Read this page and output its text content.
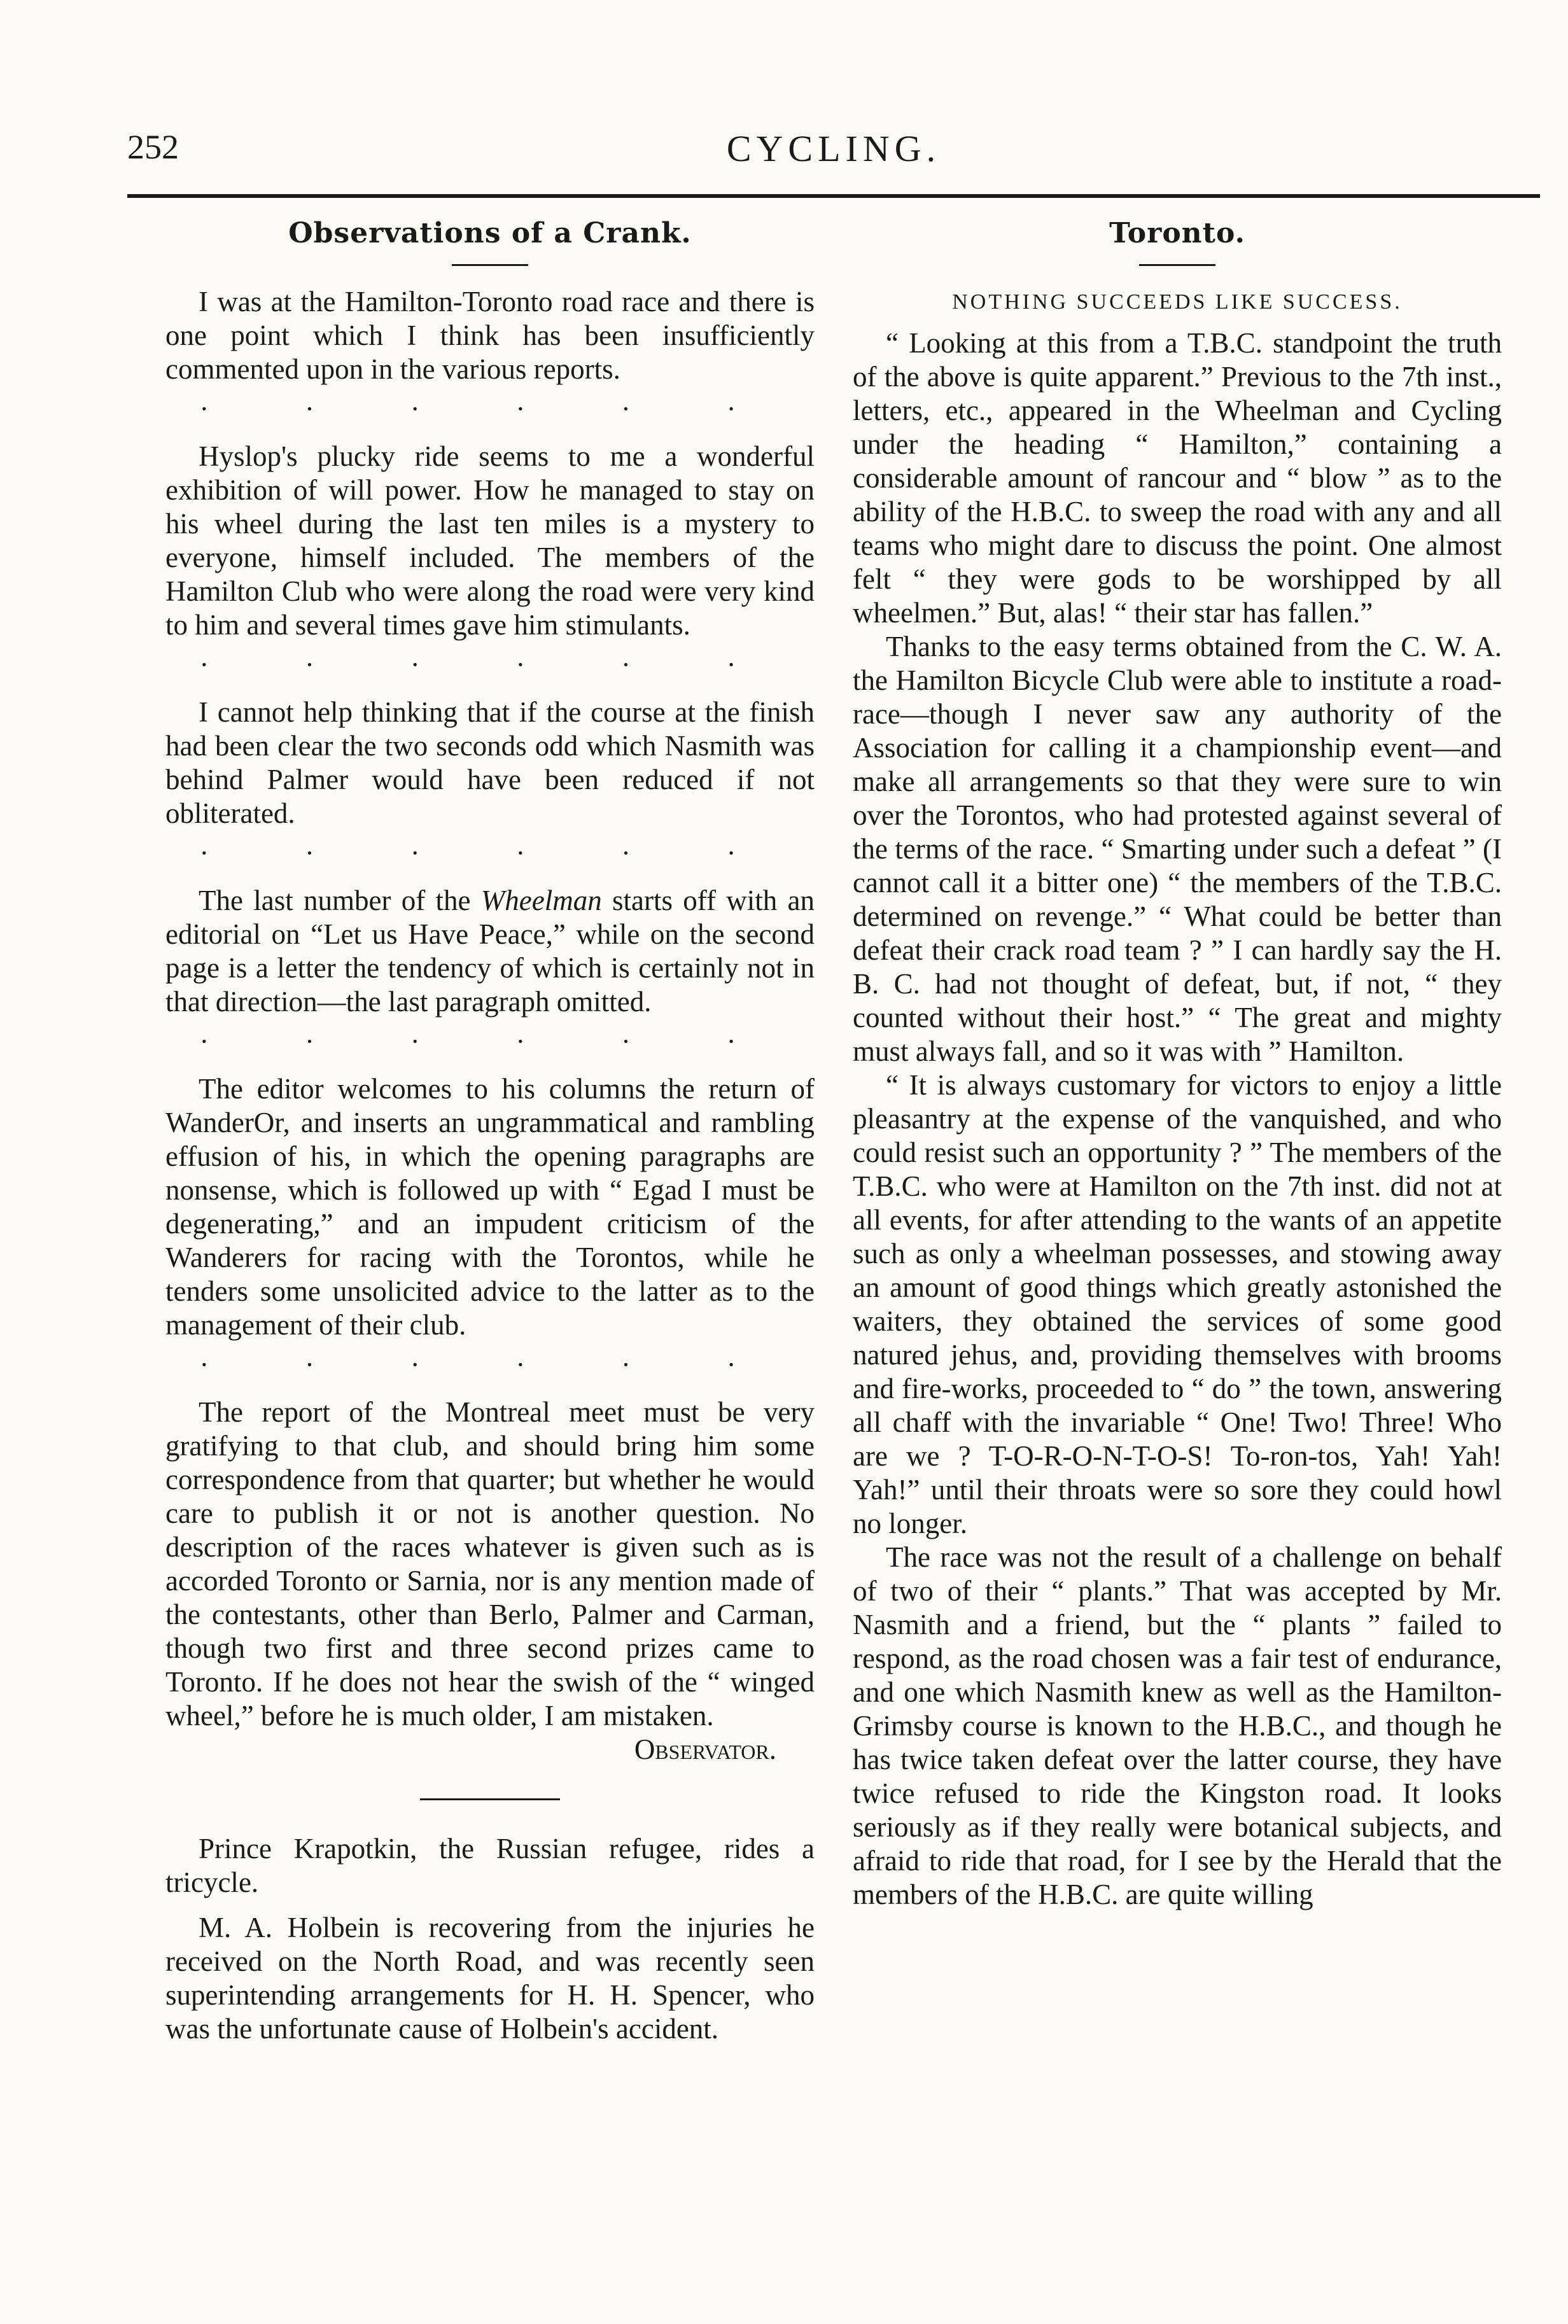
252	CYCLING.
Observations of a Crank.

I was at the Hamilton-Toronto road race and there is one point which I think has been insufficiently commented upon in the various reports.

· · · · · ·

Hyslop's plucky ride seems to me a wonderful exhibition of will power. How he managed to stay on his wheel during the last ten miles is a mystery to everyone, himself included. The members of the Hamilton Club who were along the road were very kind to him and several times gave him stimulants.

· · · · · ·

I cannot help thinking that if the course at the finish had been clear the two seconds odd which Nasmith was behind Palmer would have been reduced if not obliterated.

· · · · · ·

The last number of the Wheelman starts off with an editorial on “Let us Have Peace,” while on the second page is a letter the tendency of which is certainly not in that direction—the last paragraph omitted.

· · · · · ·

The editor welcomes to his columns the return of WanderOr, and inserts an ungrammatical and rambling effusion of his, in which the opening paragraphs are nonsense, which is followed up with “ Egad I must be degenerating,” and an impudent criticism of the Wanderers for racing with the Torontos, while he tenders some unsolicited advice to the latter as to the management of their club.

· · · · · ·

The report of the Montreal meet must be very gratifying to that club, and should bring him some correspondence from that quarter; but whether he would care to publish it or not is another question. No description of the races whatever is given such as is accorded Toronto or Sarnia, nor is any mention made of the contestants, other than Berlo, Palmer and Carman, though two first and three second prizes came to Toronto. If he does not hear the swish of the “ winged wheel,” before he is much older, I am mistaken.

Observator.

Prince Krapotkin, the Russian refugee, rides a tricycle.

M. A. Holbein is recovering from the injuries he received on the North Road, and was recently seen superintending arrangements for H. H. Spencer, who was the unfortunate cause of Holbein's accident.

Toronto.
NOTHING SUCCEEDS LIKE SUCCESS.

“ Looking at this from a T.B.C. standpoint the truth of the above is quite apparent.” Previous to the 7th inst., letters, etc., appeared in the Wheelman and Cycling under the heading “ Hamilton,” containing a considerable amount of rancour and “ blow ” as to the ability of the H.B.C. to sweep the road with any and all teams who might dare to discuss the point. One almost felt “ they were gods to be worshipped by all wheelmen.” But, alas! “ their star has fallen.”

Thanks to the easy terms obtained from the C. W. A. the Hamilton Bicycle Club were able to institute a road-race—though I never saw any authority of the Association for calling it a championship event—and make all arrangements so that they were sure to win over the Torontos, who had protested against several of the terms of the race. “ Smarting under such a defeat ” (I cannot call it a bitter one) “ the members of the T.B.C. determined on revenge.” “ What could be better than defeat their crack road team ? ” I can hardly say the H. B. C. had not thought of defeat, but, if not, “ they counted without their host.” “ The great and mighty must always fall, and so it was with ” Hamilton.

“ It is always customary for victors to enjoy a little pleasantry at the expense of the vanquished, and who could resist such an opportunity ? ” The members of the T.B.C. who were at Hamilton on the 7th inst. did not at all events, for after attending to the wants of an appetite such as only a wheelman possesses, and stowing away an amount of good things which greatly astonished the waiters, they obtained the services of some good natured jehus, and, providing themselves with brooms and fire-works, proceeded to “ do ” the town, answering all chaff with the invariable “ One! Two! Three! Who are we ? T-O-R-O-N-T-O-S! To-ron-tos, Yah! Yah! Yah!” until their throats were so sore they could howl no longer.

The race was not the result of a challenge on behalf of two of their “ plants.” That was accepted by Mr. Nasmith and a friend, but the “ plants ” failed to respond, as the road chosen was a fair test of endurance, and one which Nasmith knew as well as the Hamilton-Grimsby course is known to the H.B.C., and though he has twice taken defeat over the latter course, they have twice refused to ride the Kingston road. It looks seriously as if they really were botanical subjects, and afraid to ride that road, for I see by the Herald that the members of the H.B.C. are quite willing
